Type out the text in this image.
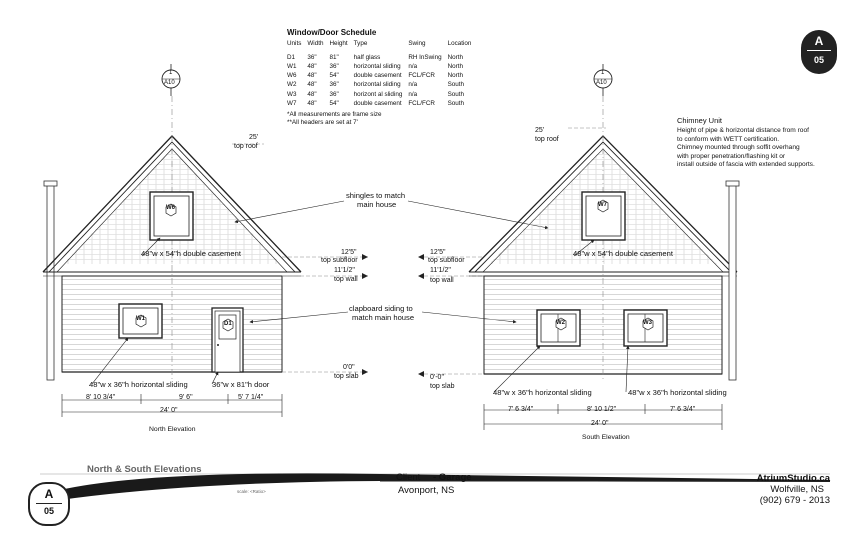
Window/Door Schedule
Units	Width	Height	Type	Swing	Location

D1	36"	81"	half glass	RH InSwing	North
W1	48"	36"	horizontal sliding	n/a	North
W6	48"	54"	double casement	FCL/FCR	North
W2	48"	36"	horizontal sliding	n/a	South
W3	48"	36"	horizont al sliding	n/a	South
W7	48"	54"	double casement	FCL/FCR	South
*All measurements are frame size
**All headers are set at 7'	Chimney Unit
Height of pipe & horizontal distance from roof
to conform with WETT certification.
Chimney mounted through soffit overhang
with proper penetration/flashing kit or
install outside of fascia with extended supports.
1
A10
1
A10
W6
W1
D1
W7
W2	W3
25'
top roof
48"w x 54"h double casement
48"w x 36"h horizontal sliding	36"w x 81"h door
8' 10 3/4"	9' 6"	5' 7 1/4"
24' 0"
North Elevation
12'5"
top subfloor
11'1/2"
top wall
0'0"
top slab
12'5"
top subfloor
11'1/2"
top wall
0'-0"
top slab
shingles to match
main house
clapboard siding to
match main house
25'
top roof
48"w x 54"h double casement
48"w x 36"h horizontal sliding	48"w x 36"h horizontal sliding
7' 6 3/4"	8' 10 1/2"	7' 6 3/4"
24' 0"
South Elevation
A
05
A
05
North & South Elevations
scale: <Ratio>
Client - Garage
Avonport, NS
AtriumStudio.ca
Wolfville, NS
(902) 679 - 2013
